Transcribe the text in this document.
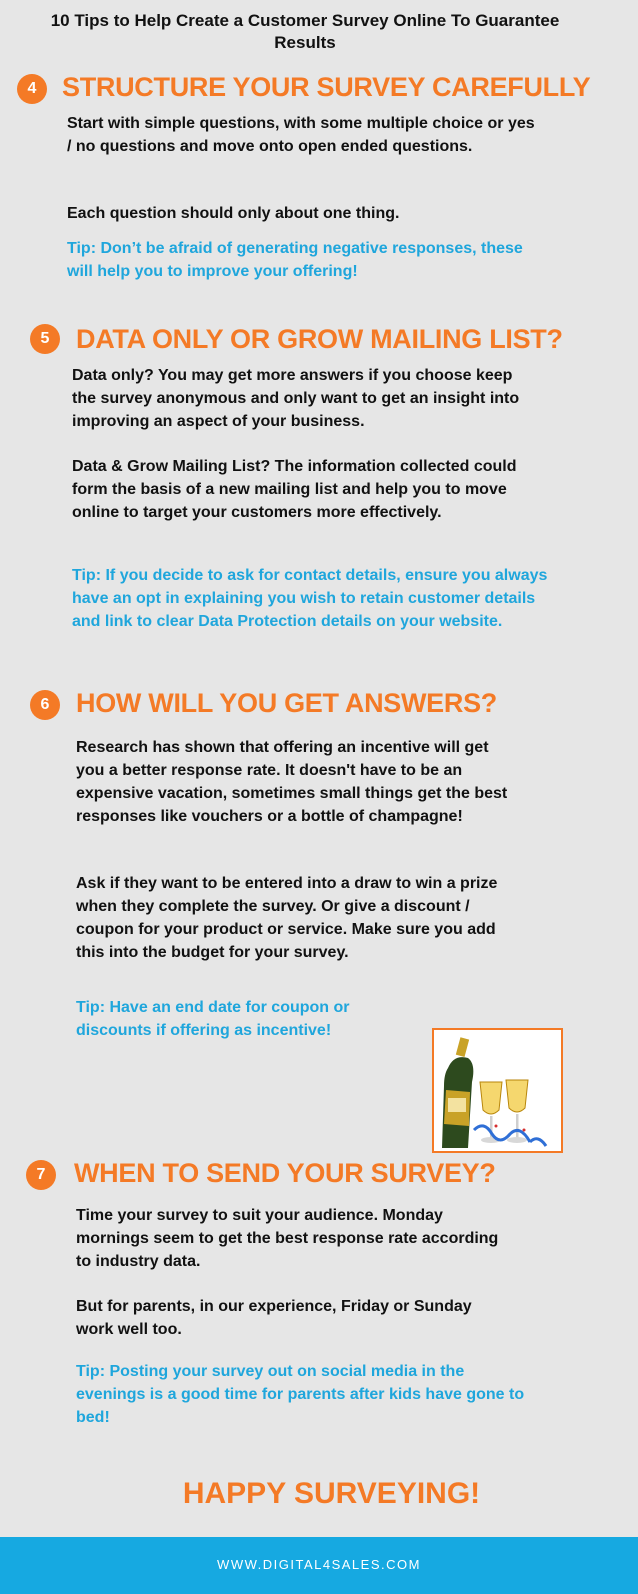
10 Tips to Help Create a Customer Survey Online To Guarantee Results
4 STRUCTURE YOUR SURVEY CAREFULLY

Start with simple questions, with some multiple choice or yes / no questions and move onto open ended questions.

Each question should only about one thing.

Tip: Don’t be afraid of generating negative responses, these will help you to improve your offering!

5 DATA ONLY OR GROW MAILING LIST?

Data only? You may get more answers if you choose keep the survey anonymous and only want to get an insight into improving an aspect of your business.

Data & Grow Mailing List? The information collected could form the basis of a new mailing list and help you to move online to target your customers more effectively.

Tip: If you decide to ask for contact details, ensure you always have an opt in explaining you wish to retain customer details and link to clear Data Protection details on your website.

6 HOW WILL YOU GET ANSWERS?

Research has shown that offering an incentive will get you a better response rate. It doesn't have to be an expensive vacation, sometimes small things get the best responses like vouchers or a bottle of champagne!

Ask if they want to be entered into a draw to win a prize when they complete the survey. Or give a discount / coupon for your product or service. Make sure you add this into the budget for your survey.

Tip: Have an end date for coupon or discounts if offering as incentive!

7	WHEN TO SEND YOUR SURVEY?

Time your survey to suit your audience. Monday mornings seem to get the best response rate according to industry data.

But for parents, in our experience, Friday or Sunday work well too.

Tip: Posting your survey out on social media in the evenings is a good time for parents after kids have gone to bed!

HAPPY SURVEYING!
WWW.DIGITAL4SALES.COM
